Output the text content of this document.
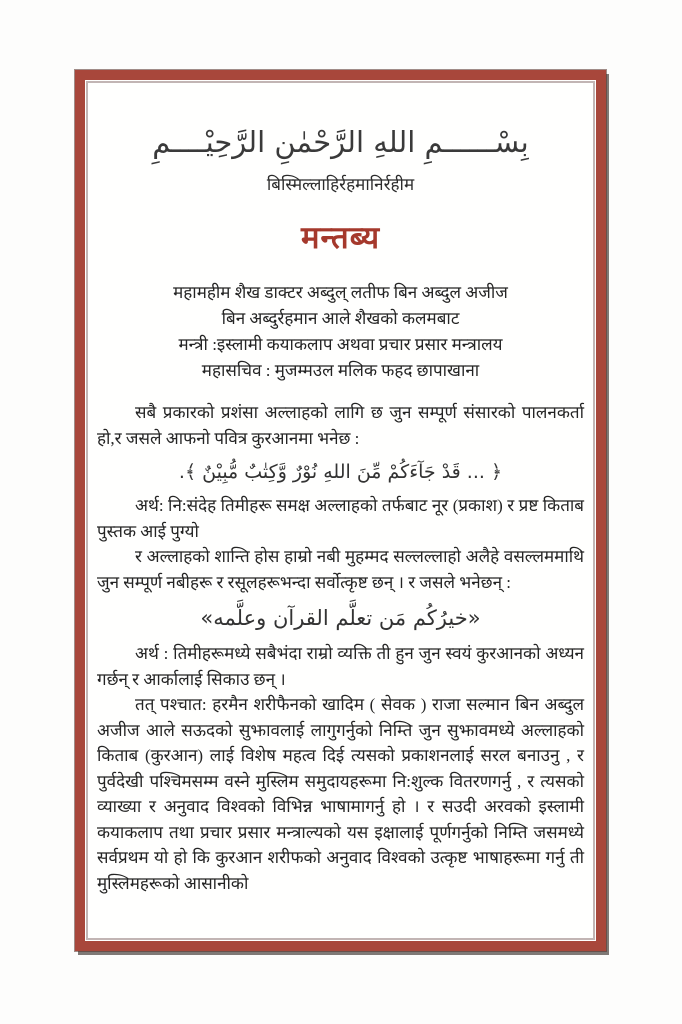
بِسْــــــمِ اللهِ الرَّحْمٰنِ الرَّحِيْــــمِ
बिस्मिल्लाहिर्रहमानिर्रहीम
मन्तब्य
महामहीम शैख डाक्टर अब्दुल् लतीफ बिन अब्दुल अजीज
बिन अब्दुर्रहमान आले शैखको कलमबाट
मन्त्री :इस्लामी कयाकलाप अथवा प्रचार प्रसार मन्त्रालय
महासचिव : मुजम्मउल मलिक फहद छापाखाना

सबै प्रकारको प्रशंसा अल्लाहको लागि छ जुन सम्पूर्ण संसारको पालनकर्ता हो,र जसले आफनो पवित्र कुरआनमा भनेछ :

﴿ ... قَدْ جَآءَكُمْ مِّنَ اللهِ نُوْرٌ وَّكِتٰبٌ مُّبِيْنٌ ﴾.

अर्थ: नि:संदेह तिमीहरू समक्ष अल्लाहको तर्फबाट नूर (प्रकाश) र प्रष्ट किताब पुस्तक आई पुग्यो

र अल्लाहको शान्ति होस हाम्रो नबी मुहम्मद सल्लल्लाहो अलैहे वसल्लममाथि जुन सम्पूर्ण नबीहरू र रसूलहरूभन्दा सर्वोत्कृष्ट छन् । र जसले भनेछन् :

«خيرُكُم مَن تعلَّم القرآن وعلَّمه»

अर्थ : तिमीहरूमध्ये सबैभंदा राम्रो व्यक्ति ती हुन जुन स्वयं कुरआनको अध्यन गर्छन् र आर्कालाई सिकाउ छन् ।

तत् पश्चात: हरमैन शरीफैनको खादिम ( सेवक ) राजा सल्मान बिन अब्दुल अजीज आले सऊदको सुझावलाई लागुगर्नुको निम्ति जुन सुझावमध्ये अल्लाहको किताब (कुरआन) लाई विशेष महत्व दिई त्यसको प्रकाशनलाई सरल बनाउनु , र पुर्वदेखी पश्चिमसम्म वस्ने मुस्लिम समुदायहरूमा नि:शुल्क वितरणगर्नु , र त्यसको व्याख्या र अनुवाद विश्वको विभिन्न भाषामागर्नु हो । र सउदी अरवको इस्लामी कयाकलाप तथा प्रचार प्रसार मन्त्राल्यको यस इक्षालाई पूर्णगर्नुको निम्ति जसमध्ये सर्वप्रथम यो हो कि कुरआन शरीफको अनुवाद विश्वको उत्कृष्ट भाषाहरूमा गर्नु ती मुस्लिमहरूको आसानीको
